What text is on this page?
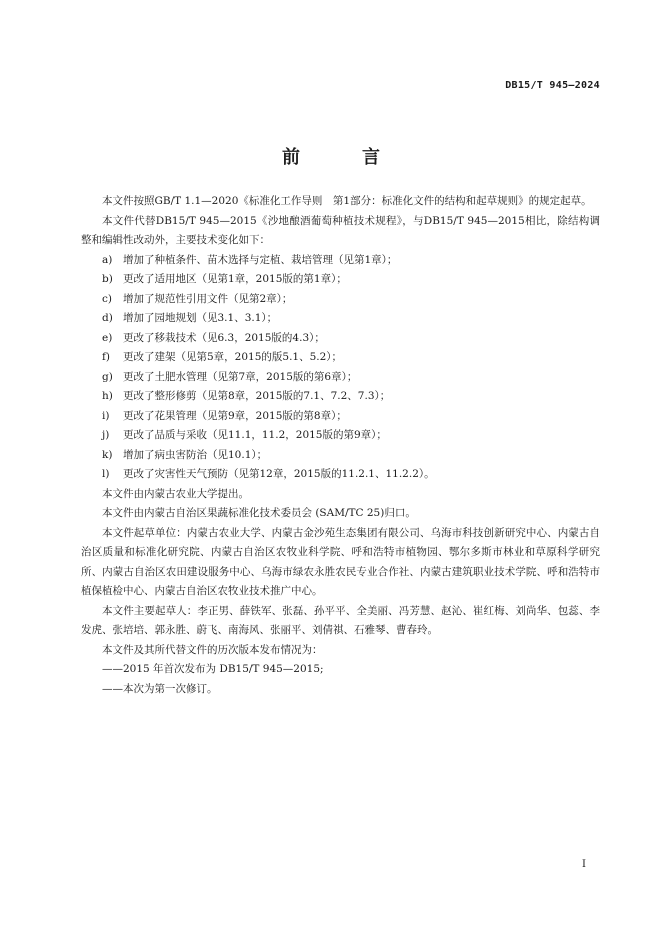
DB15/T 945—2024
前　言

本文件按照GB/T 1.1—2020《标准化工作导则　第1部分：标准化文件的结构和起草规则》的规定起草。

本文件代替DB15/T 945—2015《沙地酿酒葡萄种植技术规程》，与DB15/T 945—2015相比，除结构调整和编辑性改动外，主要技术变化如下：

a)	增加了种植条件、苗木选择与定植、栽培管理（见第1章）；
b) 更改了适用地区（见第1章，2015版的第1章）；
c)	增加了规范性引用文件（见第2章）；
d) 增加了园地规划（见3.1、3.1）；
e)	更改了移栽技术（见6.3，2015版的4.3）；
f)	更改了建架（见第5章，2015的版5.1、5.2）；
g) 更改了土肥水管理（见第7章，2015版的第6章）；
h) 更改了整形修剪（见第8章，2015版的7.1、7.2、7.3）；
i)	更改了花果管理（见第9章，2015版的第8章）；
j)	更改了品质与采收（见11.1，11.2，2015版的第9章）；
k)	增加了病虫害防治（见10.1）；
l)	更改了灾害性天气预防（见第12章，2015版的11.2.1、11.2.2）。

本文件由内蒙古农业大学提出。

本文件由内蒙古自治区果蔬标准化技术委员会 (SAM/TC 25)归口。

本文件起草单位：内蒙古农业大学、内蒙古金沙苑生态集团有限公司、乌海市科技创新研究中心、内蒙古自治区质量和标准化研究院、内蒙古自治区农牧业科学院、呼和浩特市植物园、鄂尔多斯市林业和草原科学研究所、内蒙古自治区农田建设服务中心、乌海市绿农永胜农民专业合作社、内蒙古建筑职业技术学院、呼和浩特市植保植检中心、内蒙古自治区农牧业技术推广中心。

本文件主要起草人：李正男、薛铁军、张磊、孙平平、全美丽、冯芳慧、赵沁、崔红梅、刘尚华、包蕊、李发虎、张培培、郭永胜、蔚飞、南海风、张丽平、刘倩祺、石雅琴、曹春玲。

本文件及其所代替文件的历次版本发布情况为：

——2015 年首次发布为 DB15/T 945—2015;

——本次为第一次修订。

I
